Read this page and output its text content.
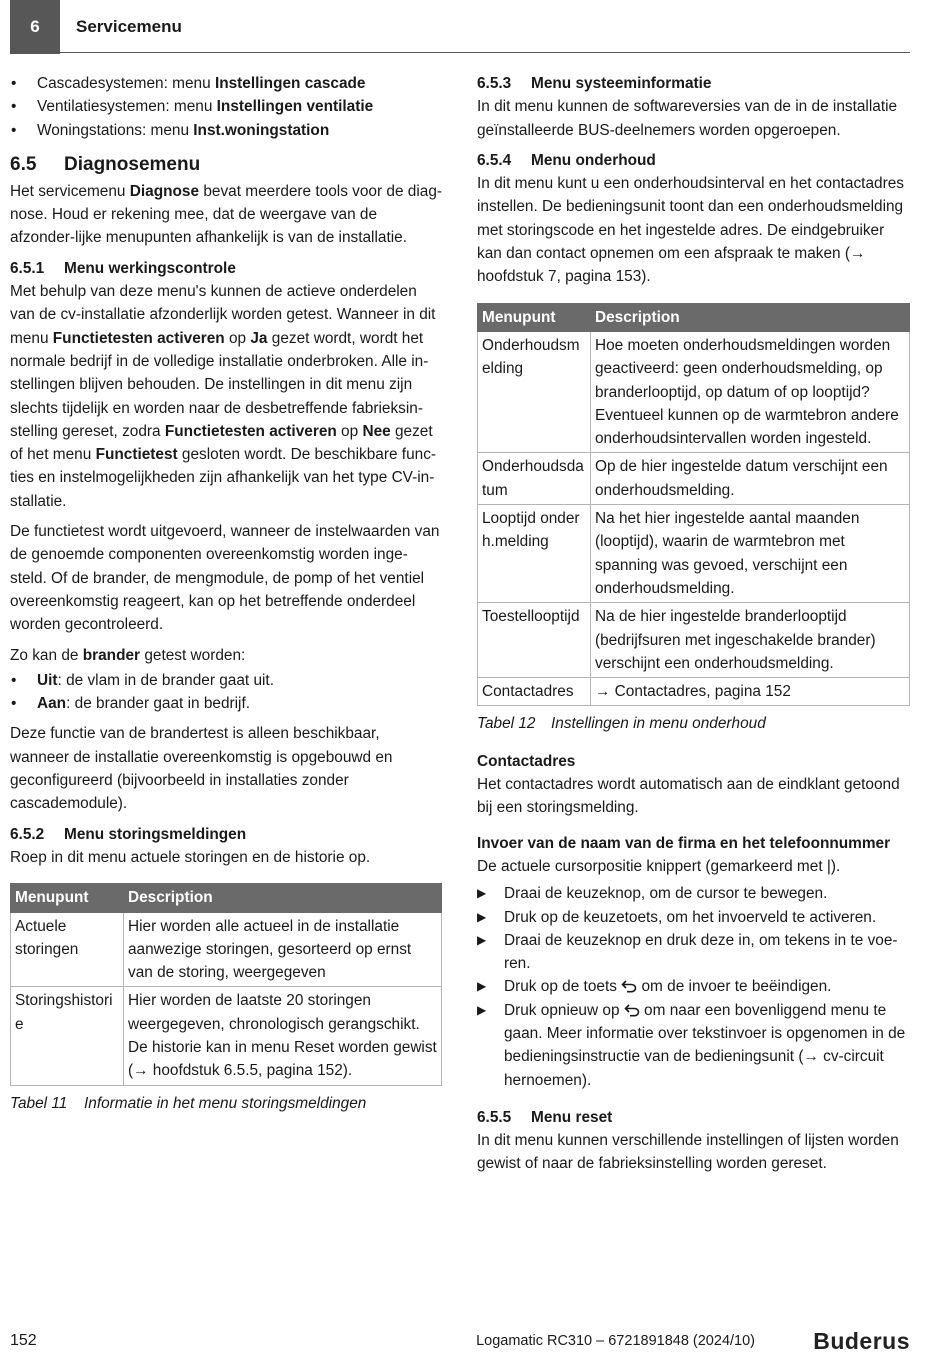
6	Servicemenu
• Cascadesystemen: menu Instellingen cascade
• Ventilatiesystemen: menu Instellingen ventilatie
• Woningstations: menu Inst.woningstation
6.5 Diagnosemenu

Het servicemenu Diagnose bevat meerdere tools voor de diag-nose. Houd er rekening mee, dat de weergave van de afzonder-lijke menupunten afhankelijk is van de installatie.

6.5.1 Menu werkingscontrole

Met behulp van deze menu's kunnen de actieve onderdelen van de cv-installatie afzonderlijk worden getest. Wanneer in dit menu Functietesten activeren op Ja gezet wordt, wordt het normale bedrijf in de volledige installatie onderbroken. Alle in-stellingen blijven behouden. De instellingen in dit menu zijn slechts tijdelijk en worden naar de desbetreffende fabrieksin-stelling gereset, zodra Functietesten activeren op Nee gezet of het menu Functietest gesloten wordt. De beschikbare func-ties en instelmogelijkheden zijn afhankelijk van het type CV-in-stallatie.

De functietest wordt uitgevoerd, wanneer de instelwaarden van de genoemde componenten overeenkomstig worden inge-steld. Of de brander, de mengmodule, de pomp of het ventiel overeenkomstig reageert, kan op het betreffende onderdeel worden gecontroleerd.

Zo kan de brander getest worden:

• Uit: de vlam in de brander gaat uit.
• Aan: de brander gaat in bedrijf.

Deze functie van de brandertest is alleen beschikbaar, wanneer de installatie overeenkomstig is opgebouwd en geconfigureerd (bijvoorbeeld in installaties zonder cascademodule).

6.5.2 Menu storingsmeldingen

Roep in dit menu actuele storingen en de historie op.

Menupunt	Description
Actuele storingen	Hier worden alle actueel in de installatie aanwezige storingen, gesorteerd op ernst van de storing, weergegeven
Storingshistorie	Hier worden de laatste 20 storingen weergegeven, chronologisch gerangschikt. De historie kan in menu Reset worden gewist (→ hoofdstuk 6.5.5, pagina 152).
Tabel 11 Informatie in het menu storingsmeldingen
6.5.3 Menu systeeminformatie

In dit menu kunnen de softwareversies van de in de installatie geïnstalleerde BUS-deelnemers worden opgeroepen.

6.5.4 Menu onderhoud

In dit menu kunt u een onderhoudsinterval en het contactadres instellen. De bedieningsunit toont dan een onderhoudsmelding met storingscode en het ingestelde adres. De eindgebruiker kan dan contact opnemen om een afspraak te maken (→ hoofdstuk 7, pagina 153).

Menupunt	Description
Onderhoudsmelding	Hoe moeten onderhoudsmeldingen worden geactiveerd: geen onderhoudsmelding, op branderlooptijd, op datum of op looptijd? Eventueel kunnen op de warmtebron andere onderhoudsintervallen worden ingesteld.
Onderhoudsdatum	Op de hier ingestelde datum verschijnt een onderhoudsmelding.
Looptijd onderh.melding	Na het hier ingestelde aantal maanden (looptijd), waarin de warmtebron met spanning was gevoed, verschijnt een onderhoudsmelding.
Toestellooptijd	Na de hier ingestelde branderlooptijd (bedrijfsuren met ingeschakelde brander) verschijnt een onderhoudsmelding.
Contactadres	→ Contactadres, pagina 152
Tabel 12 Instellingen in menu onderhoud
Contactadres

Het contactadres wordt automatisch aan de eindklant getoond bij een storingsmelding.

Invoer van de naam van de firma en het telefoonnummer

De actuele cursorpositie knippert (gemarkeerd met |).

▶ Draai de keuzeknop, om de cursor te bewegen.
▶ Druk op de keuzetoets, om het invoerveld te activeren.
▶ Draai de keuzeknop en druk deze in, om tekens in te voe-ren.
▶ Druk op de toets  om de invoer te beëindigen.
▶ Druk opnieuw op  om naar een bovenliggend menu te gaan. Meer informatie over tekstinvoer is opgenomen in de bedieningsinstructie van de bedieningsunit (→ cv-circuit hernoemen).
6.5.5 Menu reset

In dit menu kunnen verschillende instellingen of lijsten worden gewist of naar de fabrieksinstelling worden gereset.

152	Logamatic RC310 – 6721891848 (2024/10)	Buderus
